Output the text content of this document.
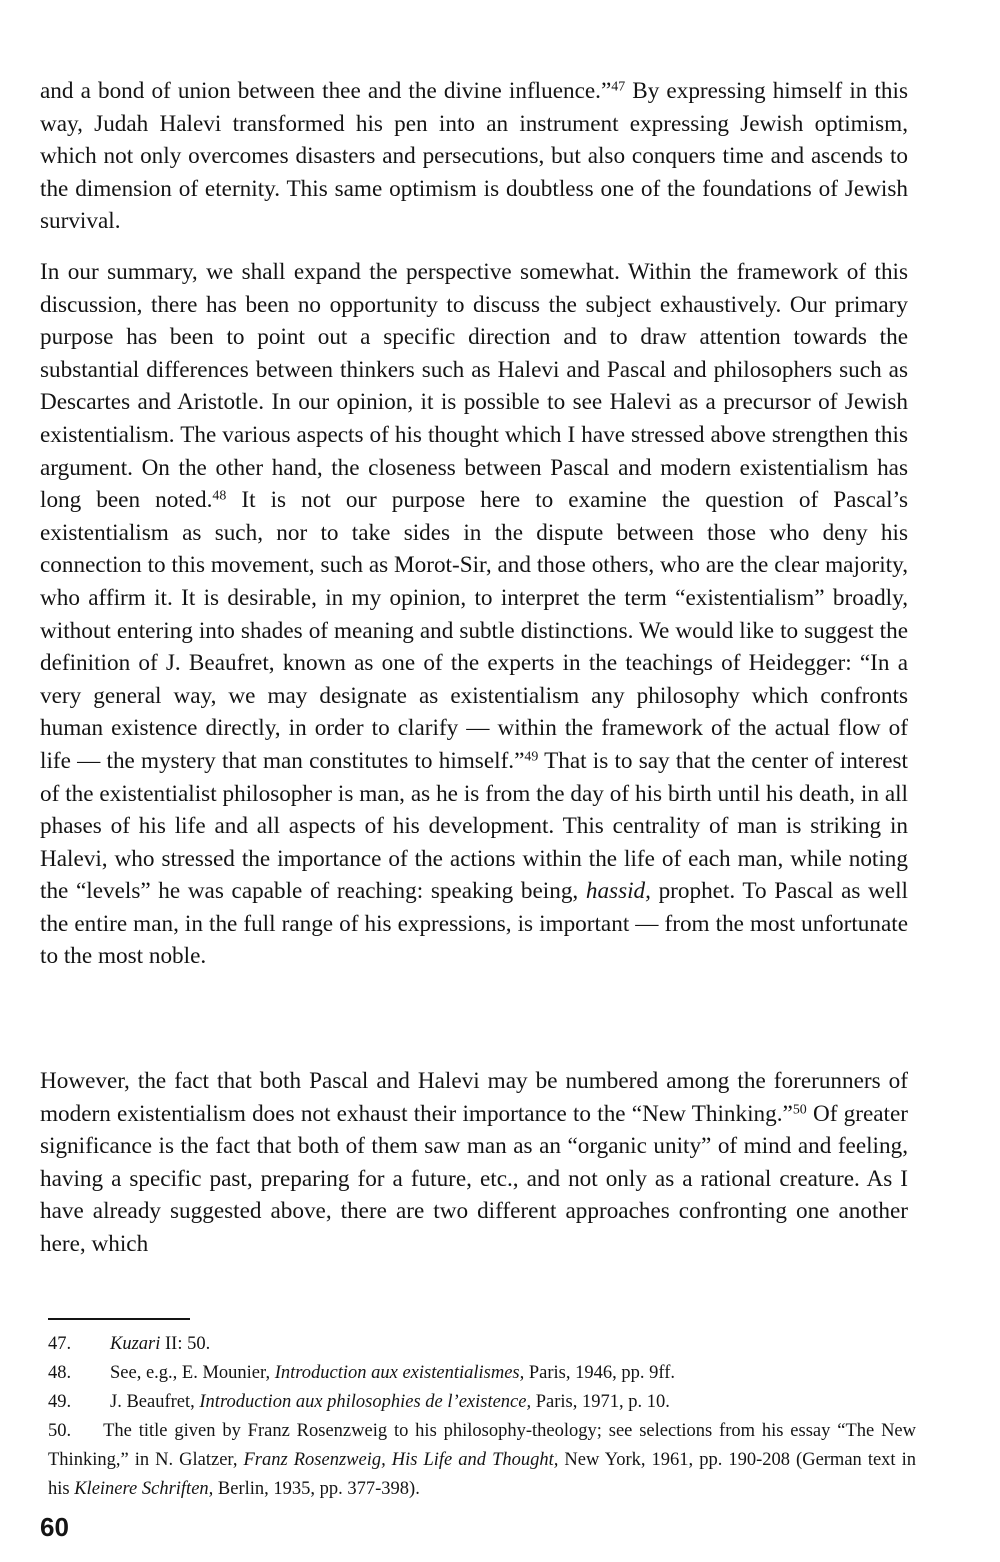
and a bond of union between thee and the divine influence.”$^{47}$ By expressing himself in this way, Judah Halevi transformed his pen into an instrument expressing Jewish optimism, which not only overcomes disasters and persecutions, but also conquers time and ascends to the dimension of eternity. This same optimism is doubtless one of the foundations of Jewish survival.

In our summary, we shall expand the perspective somewhat. Within the framework of this discussion, there has been no opportunity to discuss the subject exhaustively. Our primary purpose has been to point out a specific direction and to draw attention towards the substantial differences between thinkers such as Halevi and Pascal and philosophers such as Descartes and Aristotle. In our opinion, it is possible to see Halevi as a precursor of Jewish existentialism. The various aspects of his thought which I have stressed above strengthen this argument. On the other hand, the closeness between Pascal and modern existentialism has long been noted.$^{48}$ It is not our purpose here to examine the question of Pascal’s existentialism as such, nor to take sides in the dispute between those who deny his connection to this movement, such as Morot-Sir, and those others, who are the clear majority, who affirm it. It is desirable, in my opinion, to interpret the term “existentialism” broadly, without entering into shades of meaning and subtle distinctions. We would like to suggest the definition of J. Beaufret, known as one of the experts in the teachings of Heidegger: “In a very general way, we may designate as existentialism any philosophy which confronts human existence directly, in order to clarify — within the framework of the actual flow of life — the mystery that man constitutes to himself.”$^{49}$ That is to say that the center of interest of the existentialist philosopher is man, as he is from the day of his birth until his death, in all phases of his life and all aspects of his development. This centrality of man is striking in Halevi, who stressed the importance of the actions within the life of each man, while noting the “levels” he was capable of reaching: speaking being, hassid, prophet. To Pascal as well the entire man, in the full range of his expressions, is important — from the most unfortunate to the most noble.

However, the fact that both Pascal and Halevi may be numbered among the forerunners of modern existentialism does not exhaust their importance to the “New Thinking.”$^{50}$ Of greater significance is the fact that both of them saw man as an “organic unity” of mind and feeling, having a specific past, preparing for a future, etc., and not only as a rational creature. As I have already suggested above, there are two different approaches confronting one another here, which

47.	Kuzari II: 50.
48.	See, e.g., E. Mounier, Introduction aux existentialismes, Paris, 1946, pp. 9ff.
49.	J. Beaufret, Introduction aux philosophies de l’existence, Paris, 1971, p. 10.

50. The title given by Franz Rosenzweig to his philosophy-theology; see selections from his essay “The New Thinking,” in N. Glatzer, Franz Rosenzweig, His Life and Thought, New York, 1961, pp. 190-208 (German text in his Kleinere Schriften, Berlin, 1935, pp. 377-398).

60
